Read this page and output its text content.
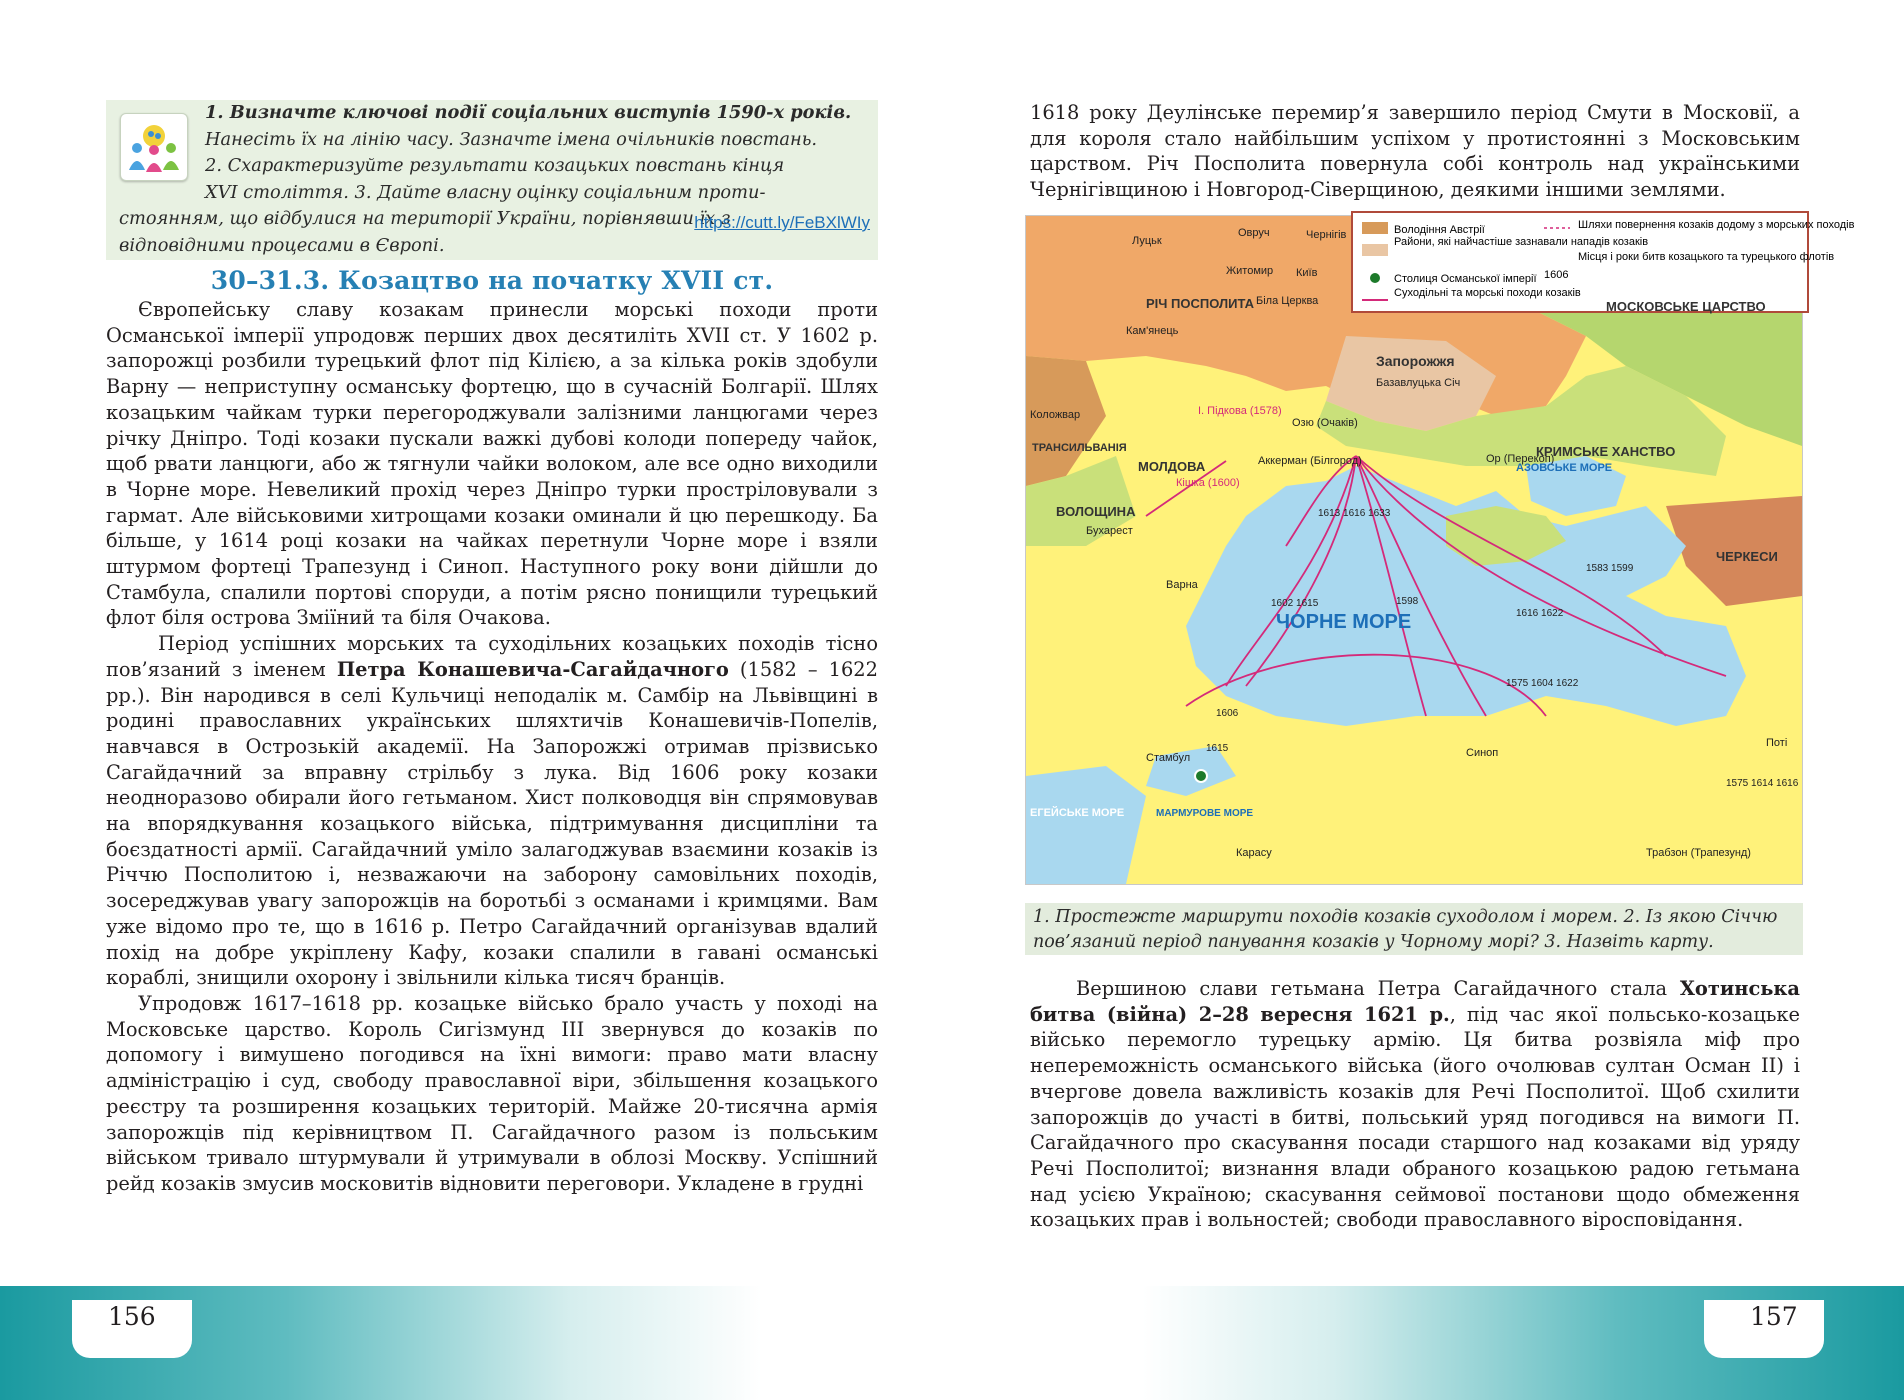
1. Визначте ключові події соціальних виступів 1590-х років.
Нанесіть їх на лінію часу. Зазначте імена очільників повстань.
2. Схарактеризуйте результати козацьких повстань кінця
XVI століття. 3. Дайте власну оцінку соціальним проти-
стоянням, що відбулися на території України, порівнявши їх з
відповідними процесами в Європі.
https://cutt.ly/FeBXlWIy
30–31.3. Козацтво на початку XVII ст.

Європейську славу козакам принесли морські походи проти Османської імперії упродовж перших двох десятиліть XVII ст. У 1602 р. запорожці розбили турецький флот під Кілією, а за кілька років здобули Варну — неприступну османську фортецю, що в сучасній Болгарії. Шлях козацьким чайкам турки перегороджували залізними ланцюгами через річку Дніпро. Тоді козаки пускали важкі дубові колоди попереду чайок, щоб рвати ланцюги, або ж тягнули чайки волоком, але все одно виходили в Чорне море. Невеликий прохід через Дніпро турки простріловували з гармат. Але військовими хитрощами козаки оминали й цю перешкоду. Ба більше, у 1614 році козаки на чайках перетнули Чорне море і взяли штурмом фортеці Трапезунд і Синоп. Наступного року вони дійшли до Стамбула, спалили портові споруди, а потім рясно понищили турецький флот біля острова Зміїний та біля Очакова.

Період успішних морських та суходільних козацьких походів тісно пов’язаний з іменем Петра Конашевича-Сагайдачного (1582 – 1622 рр.). Він народився в селі Кульчиці неподалік м. Самбір на Львівщині в родині православних українських шляхтичів Конашевичів-Попелів, навчався в Острозькій академії. На Запорожжі отримав прізвисько Сагайдачний за вправну стрільбу з лука. Від 1606 року козаки неодноразово обирали його гетьманом. Хист полководця він спрямовував на впорядкування козацького війська, підтримування дисципліни та боєздатності армії. Сагайдачний уміло залагоджував взаємини козаків із Річчю Посполитою і, незважаючи на заборону самовільних походів, зосереджував увагу запорожців на боротьбі з османами і кримцями. Вам уже відомо про те, що в 1616 р. Петро Сагайдачний організував вдалий похід на добре укріплену Кафу, козаки спалили в гавані османські кораблі, знищили охорону і звільнили кілька тисяч бранців.

Упродовж 1617–1618 рр. козацьке військо брало участь у поході на Московське царство. Король Сигізмунд III звернувся до козаків по допомогу і вимушено погодився на їхні вимоги: право мати власну адміністрацію і суд, свободу православної віри, збільшення козацького реєстру та розширення козацьких територій. Майже 20-тисячна армія запорожців під керівництвом П. Сагайдачного разом із польським військом тривало штурмували й утримували в облозі Москву. Успішний рейд козаків змусив московитів відновити переговори. Укладене в грудні

156

1618 року Деулінське перемир’я завершило період Смути в Московії, а для короля стало найбільшим успіхом у протистоянні з Московським царством. Річ Посполита повернула собі контроль над українськими Чернігівщиною і Новгород-Сіверщиною, деякими іншими землями.

Володіння Австрії
Райони, які найчастіше зазнавали нападів козаків
Столиця Османської імперії
Суходільні та морські походи козаків
Шляхи повернення козаків додому з морських походів
1606
Місця і роки битв козацького та турецького флотів
РІЧ ПОСПОЛИТА	МОСКОВСЬКЕ ЦАРСТВО
КРИМСЬКЕ ХАНСТВО
МОЛДОВА
ВОЛОЩИНА
ТРАНСИЛЬВАНІЯ
Запорожжя
ЧОРНЕ МОРЕ
АЗОВСЬКЕ МОРЕ
ЕГЕЙСЬКЕ МОРЕ	МАРМУРОВЕ МОРЕ
ЧЕРКЕСИ
І. Підкова (1578)
Кішка (1600)
Луцьк
Овруч	Чернігів
Житомир Київ
Біла Церква
Кам'янець
Базавлуцька Січ
Коложвар
Озю (Очаків)
Аккерман (Білгород)	Ор (Перекоп)
Бухарест
Варна
Стамбул	Синоп
Трабзон (Трапезунд)
Поті
Карасу
1613 1616 1633
1602 1615	1598
1616 1622
1583 1599
1606
1615
1575 1604 1622
1575 1614 1616
1. Простежте маршрути походів козаків суходолом і морем. 2. Із якою Січчю пов’язаний період панування козаків у Чорному морі? 3. Назвіть карту.

Вершиною слави гетьмана Петра Сагайдачного стала Хотинська битва (війна) 2–28 вересня 1621 р., під час якої польсько-козацьке військо перемогло турецьку армію. Ця битва розвіяла міф про непереможність османського війська (його очолював султан Осман II) і вчергове довела важливість козаків для Речі Посполитої. Щоб схилити запорожців до участі в битві, польський уряд погодився на вимоги П. Сагайдачного про скасування посади старшого над козаками від уряду Речі Посполитої; визнання влади обраного козацькою радою гетьмана над усією Україною; скасування сеймової постанови щодо обмеження козацьких прав і вольностей; свободи православного віросповідання.

157
